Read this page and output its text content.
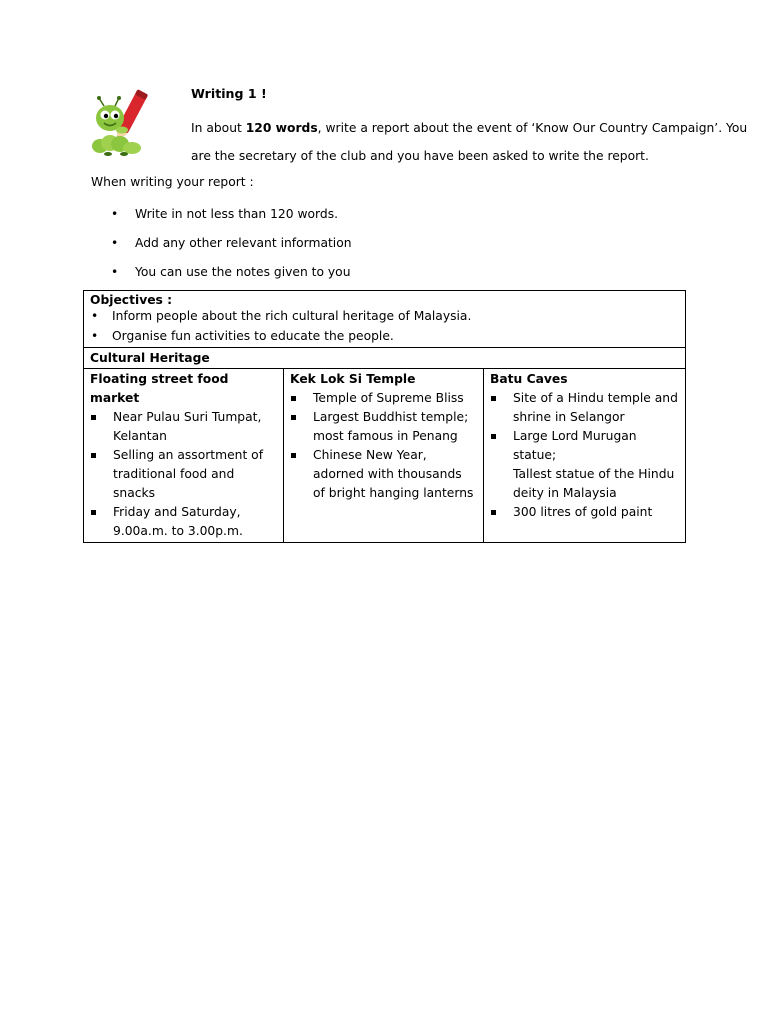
Writing 1 !

In about 120 words, write a report about the event of ‘Know Our Country Campaign’. You are the secretary of the club and you have been asked to write the report.

When writing your report :

• Write in not less than 120 words.
• Add any other relevant information
• You can use the notes given to you
Objectives :
• Inform people about the rich cultural heritage of Malaysia.
• Organise fun activities to educate the people.
Cultural Heritage
Floating street food market
Near Pulau Suri Tumpat, Kelantan
Selling an assortment of traditional food and snacks
Friday and Saturday, 9.00a.m. to 3.00p.m.
Kek Lok Si Temple
Temple of Supreme Bliss
Largest Buddhist temple; most famous in Penang
Chinese New Year, adorned with thousands of bright hanging lanterns
Batu Caves
Site of a Hindu temple and shrine in Selangor
Large Lord Murugan statue;
Tallest statue of the Hindu deity in Malaysia
300 litres of gold paint
